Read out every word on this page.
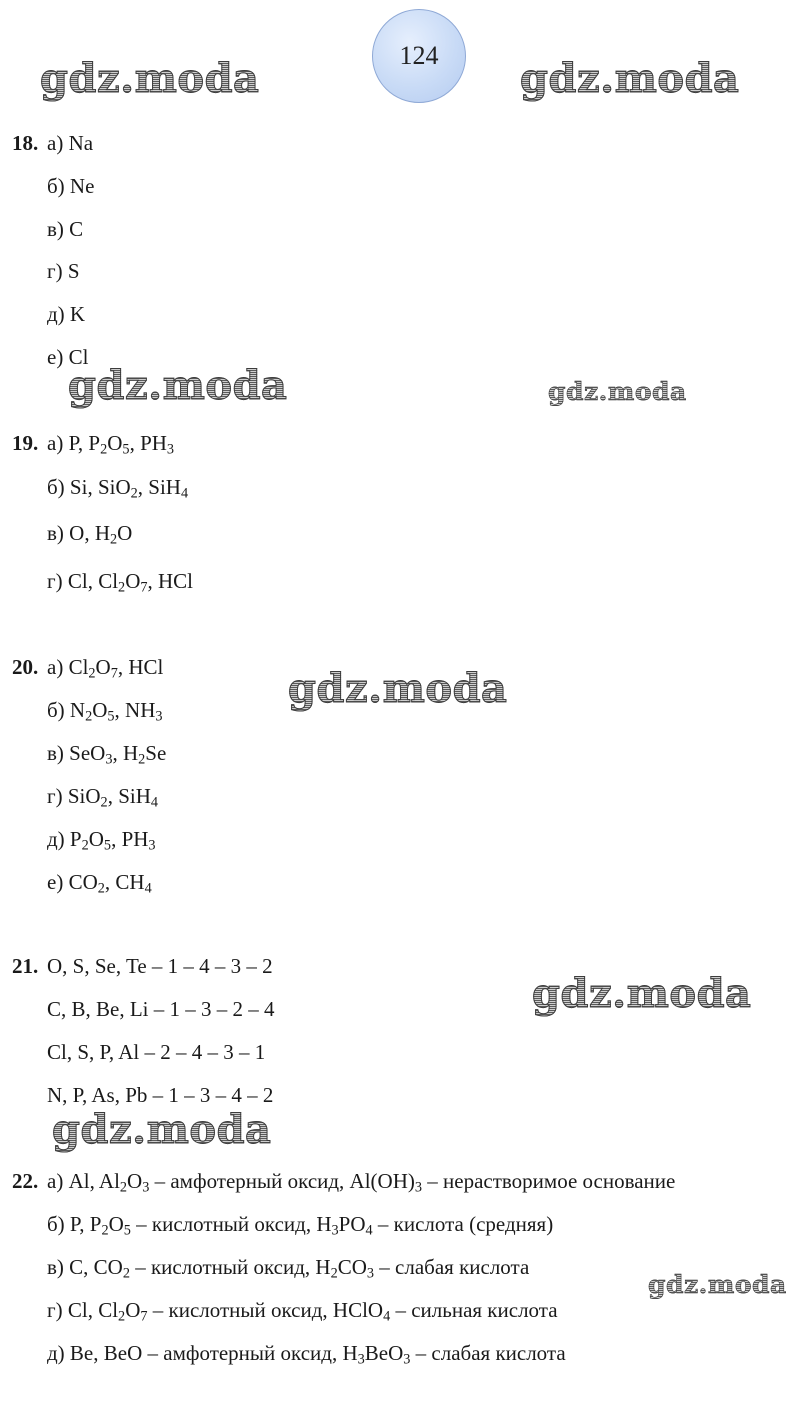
124
gdz.moda	gdz.moda
gdz.moda	gdz.moda
gdz.moda
gdz.moda
gdz.moda
gdz.moda
18. а) Na
б) Ne
в) C
г) S
д) K
е) Cl
19. а) P, $P_2O_5$, $PH_3$
б) Si, SiO$_2$, SiH$_4$
в) O, $H_2O$
г) Cl, $Cl_2O_7$, HCl
20. а) $Cl_2O_7$, HCl
б) $N_2O_5$, $NH_3$
в) SeO$_3$, $H_2Se$
г) SiO$_2$, SiH$_4$
д) $P_2O_5$, $PH_3$
е) $CO_2$, $CH_4$
21. O, S, Se, Te – 1 – 4 – 3 – 2
C, B, Be, Li – 1 – 3 – 2 – 4
Cl, S, P, Al – 2 – 4 – 3 – 1
N, P, As, Pb – 1 – 3 – 4 – 2
22. а) Al, $Al_2O_3$ – амфотерный оксид, $Al(OH)_3$ – нерастворимое основание
б) P, $P_2O_5$ – кислотный оксид, $H_3PO_4$ – кислота (средняя)
в) C, $CO_2$ – кислотный оксид, $H_2CO_3$ – слабая кислота
г) Cl, $Cl_2O_7$ – кислотный оксид, HClO$_4$ – сильная кислота
д) Be, BeO – амфотерный оксид, $H_3BeO_3$ – слабая кислота
